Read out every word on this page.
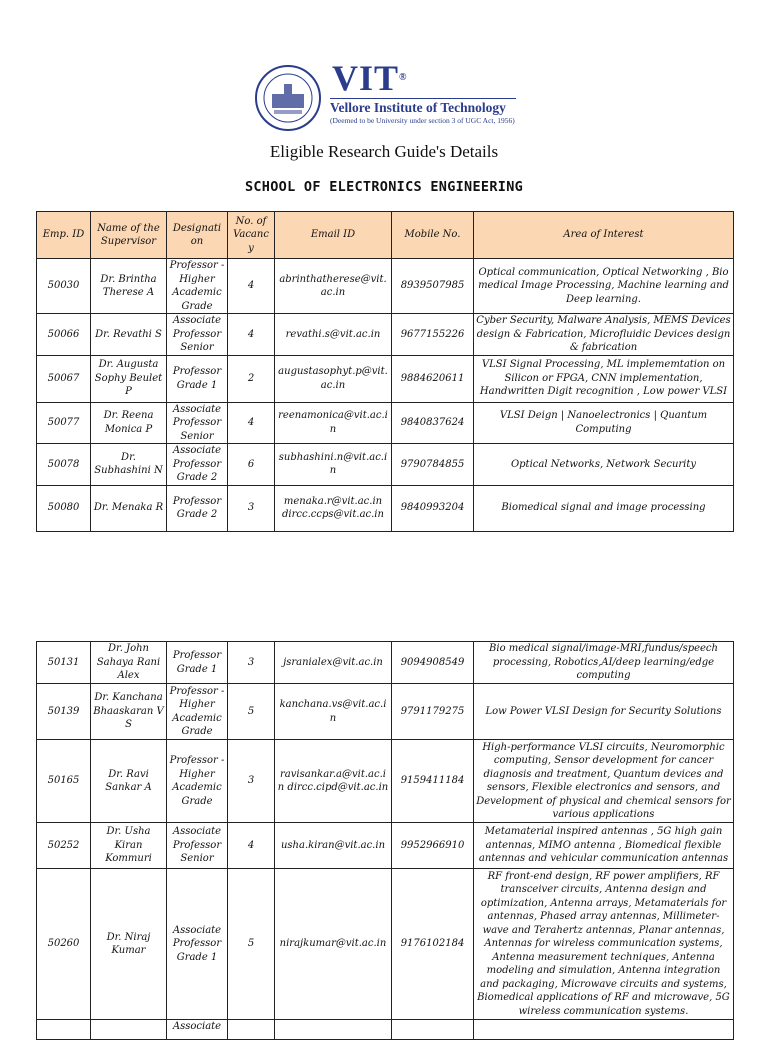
VIT®
Vellore Institute of Technology
(Deemed to be University under section 3 of UGC Act, 1956)
Eligible Research Guide's Details
SCHOOL OF ELECTRONICS ENGINEERING
Emp. ID	Name of the Supervisor	Designati on	No. of Vacanc y	Email ID	Mobile No.	Area of Interest
50030	Dr. Brintha Therese A	Professor - Higher Academic Grade	4	abrinthatherese@vit. ac.in	8939507985	Optical communication, Optical Networking , Bio medical Image Processing, Machine learning and Deep learning.
50066	Dr. Revathi S	Associate Professor Senior	4	revathi.s@vit.ac.in	9677155226	Cyber Security, Malware Analysis, MEMS Devices design & Fabrication, Microfluidic Devices design & fabrication
50067	Dr. Augusta Sophy Beulet P	Professor Grade 1	2	augustasophyt.p@vit. ac.in	9884620611	VLSI Signal Processing, ML implememtation on Silicon or FPGA, CNN implementation, Handwritten Digit recognition , Low power VLSI
50077	Dr. Reena Monica P	Associate Professor Senior	4	reenamonica@vit.ac.i n	9840837624	VLSI Deign | Nanoelectronics | Quantum Computing
50078	Dr. Subhashini N	Associate Professor Grade 2	6	subhashini.n@vit.ac.i n	9790784855	Optical Networks, Network Security
50080	Dr. Menaka R	Professor Grade 2	3	menaka.r@vit.ac.in dircc.ccps@vit.ac.in	9840993204	Biomedical signal and image processing
50131	Dr. John Sahaya Rani Alex	Professor Grade 1	3	jsranialex@vit.ac.in	9094908549	Bio medical signal/image-MRI,fundus/speech processing, Robotics,AI/deep learning/edge computing
50139	Dr. Kanchana Bhaaskaran V S	Professor - Higher Academic Grade	5	kanchana.vs@vit.ac.i n	9791179275	Low Power VLSI Design for Security Solutions
50165	Dr. Ravi Sankar A	Professor - Higher Academic Grade	3	ravisankar.a@vit.ac.i n dircc.cipd@vit.ac.in	9159411184	High-performance VLSI circuits, Neuromorphic computing, Sensor development for cancer diagnosis and treatment, Quantum devices and sensors, Flexible electronics and sensors, and Development of physical and chemical sensors for various applications
50252	Dr. Usha Kiran Kommuri	Associate Professor Senior	4	usha.kiran@vit.ac.in	9952966910	Metamaterial inspired antennas , 5G high gain antennas, MIMO antenna , Biomedical flexible antennas and vehicular communication antennas
50260	Dr. Niraj Kumar	Associate Professor Grade 1	5	nirajkumar@vit.ac.in	9176102184	RF front-end design, RF power amplifiers, RF transceiver circuits, Antenna design and optimization, Antenna arrays, Metamaterials for antennas, Phased array antennas, Millimeter-wave and Terahertz antennas, Planar antennas, Antennas for wireless communication systems, Antenna measurement techniques, Antenna modeling and simulation, Antenna integration and packaging, Microwave circuits and systems, Biomedical applications of RF and microwave, 5G wireless communication systems.
		Associate				
